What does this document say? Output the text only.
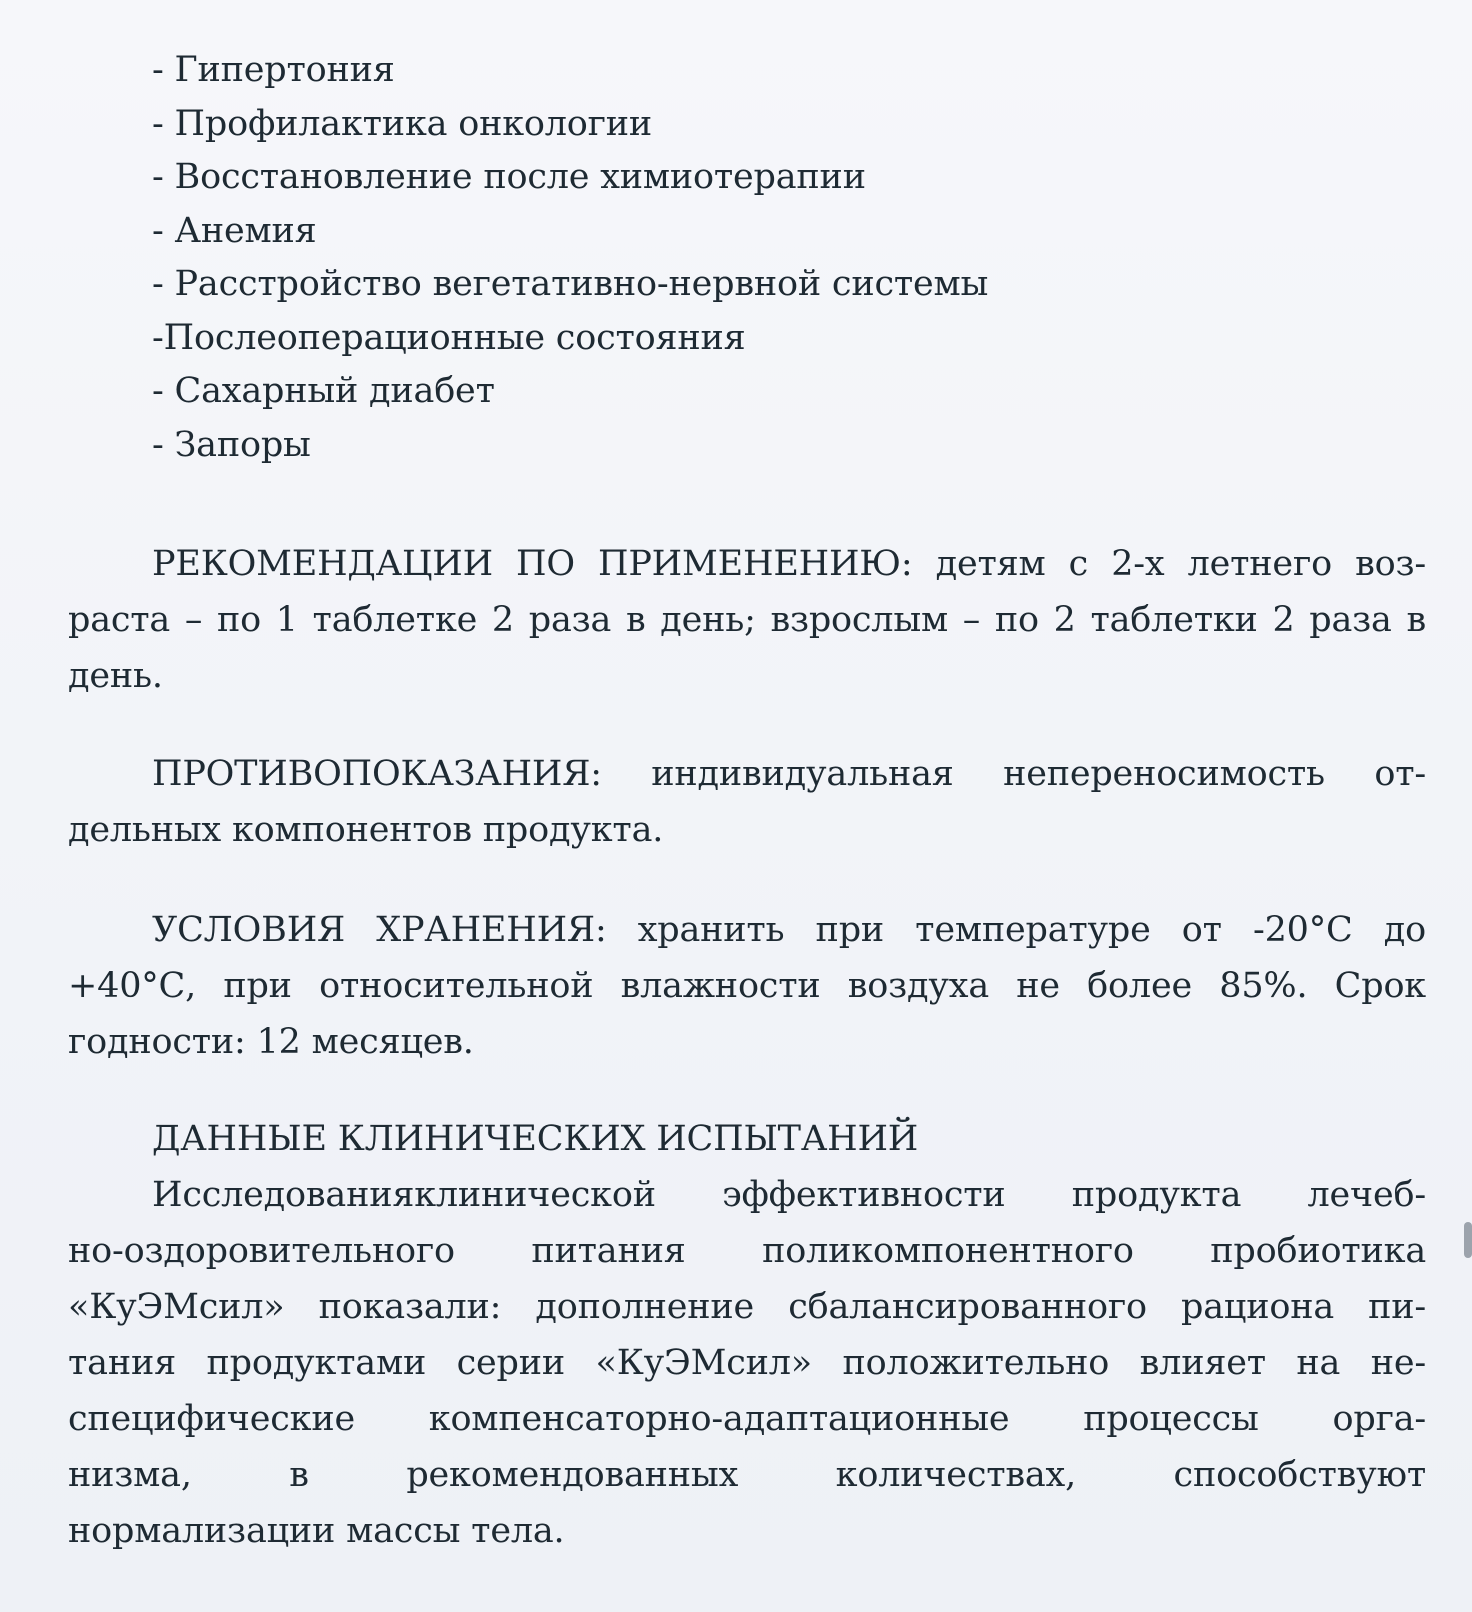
- Гипертония
- Профилактика онкологии
- Восстановление после химиотерапии
- Анемия
- Расстройство вегетативно-нервной системы
-Послеоперационные состояния
- Сахарный диабет
- Запоры
РЕКОМЕНДАЦИИ ПО ПРИМЕНЕНИЮ: детям с 2-х летнего воз-
раста – по 1 таблетке 2 раза в день; взрослым – по 2 таблетки 2 раза в
день.
ПРОТИВОПОКАЗАНИЯ: индивидуальная непереносимость от-
дельных компонентов продукта.
УСЛОВИЯ ХРАНЕНИЯ: хранить при температуре от -20°С до
+40°С, при относительной влажности воздуха не более 85%. Срок
годности: 12 месяцев.
ДАННЫЕ КЛИНИЧЕСКИХ ИСПЫТАНИЙ
Исследованияклинической эффективности продукта лечеб-
но-оздоровительного питания поликомпонентного пробиотика
«КуЭМсил» показали: дополнение сбалансированного рациона пи-
тания продуктами серии «КуЭМсил» положительно влияет на не-
специфические компенсаторно-адаптационные процессы орга-
низма, в рекомендованных количествах, способствуют
нормализации массы тела.
